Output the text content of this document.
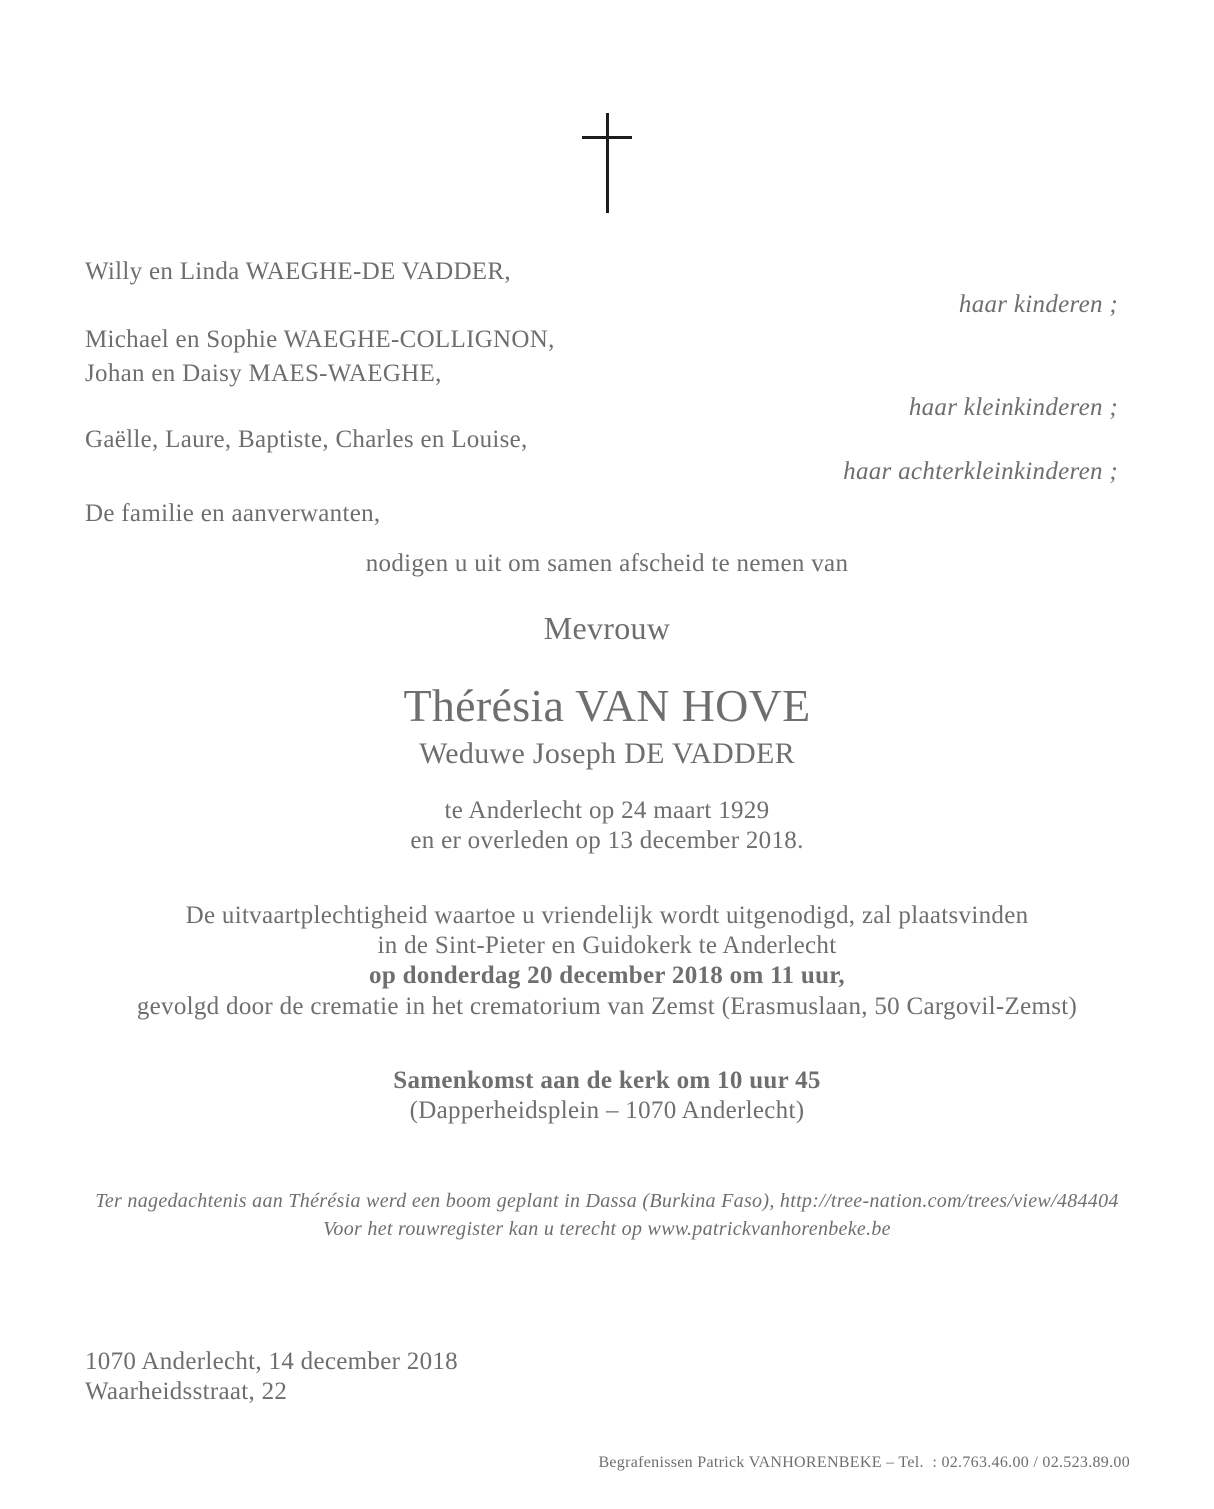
Willy en Linda WAEGHE-DE VADDER,
haar kinderen ;
Michael en Sophie WAEGHE-COLLIGNON,
Johan en Daisy MAES-WAEGHE,
haar kleinkinderen ;
Gaëlle, Laure, Baptiste, Charles en Louise,
haar achterkleinkinderen ;
De familie en aanverwanten,
nodigen u uit om samen afscheid te nemen van
Mevrouw
Thérésia VAN HOVE
Weduwe Joseph DE VADDER
te Anderlecht op 24 maart 1929
en er overleden op 13 december 2018.
De uitvaartplechtigheid waartoe u vriendelijk wordt uitgenodigd, zal plaatsvinden
in de Sint-Pieter en Guidokerk te Anderlecht
op donderdag 20 december 2018 om 11 uur,
gevolgd door de crematie in het crematorium van Zemst (Erasmuslaan, 50 Cargovil-Zemst)
Samenkomst aan de kerk om 10 uur 45
(Dapperheidsplein – 1070 Anderlecht)
Ter nagedachtenis aan Thérésia werd een boom geplant in Dassa (Burkina Faso), http://tree-nation.com/trees/view/484404
Voor het rouwregister kan u terecht op www.patrickvanhorenbeke.be
1070 Anderlecht, 14 december 2018
Waarheidsstraat, 22
Begrafenissen Patrick VANHORENBEKE – Tel.  : 02.763.46.00 / 02.523.89.00
